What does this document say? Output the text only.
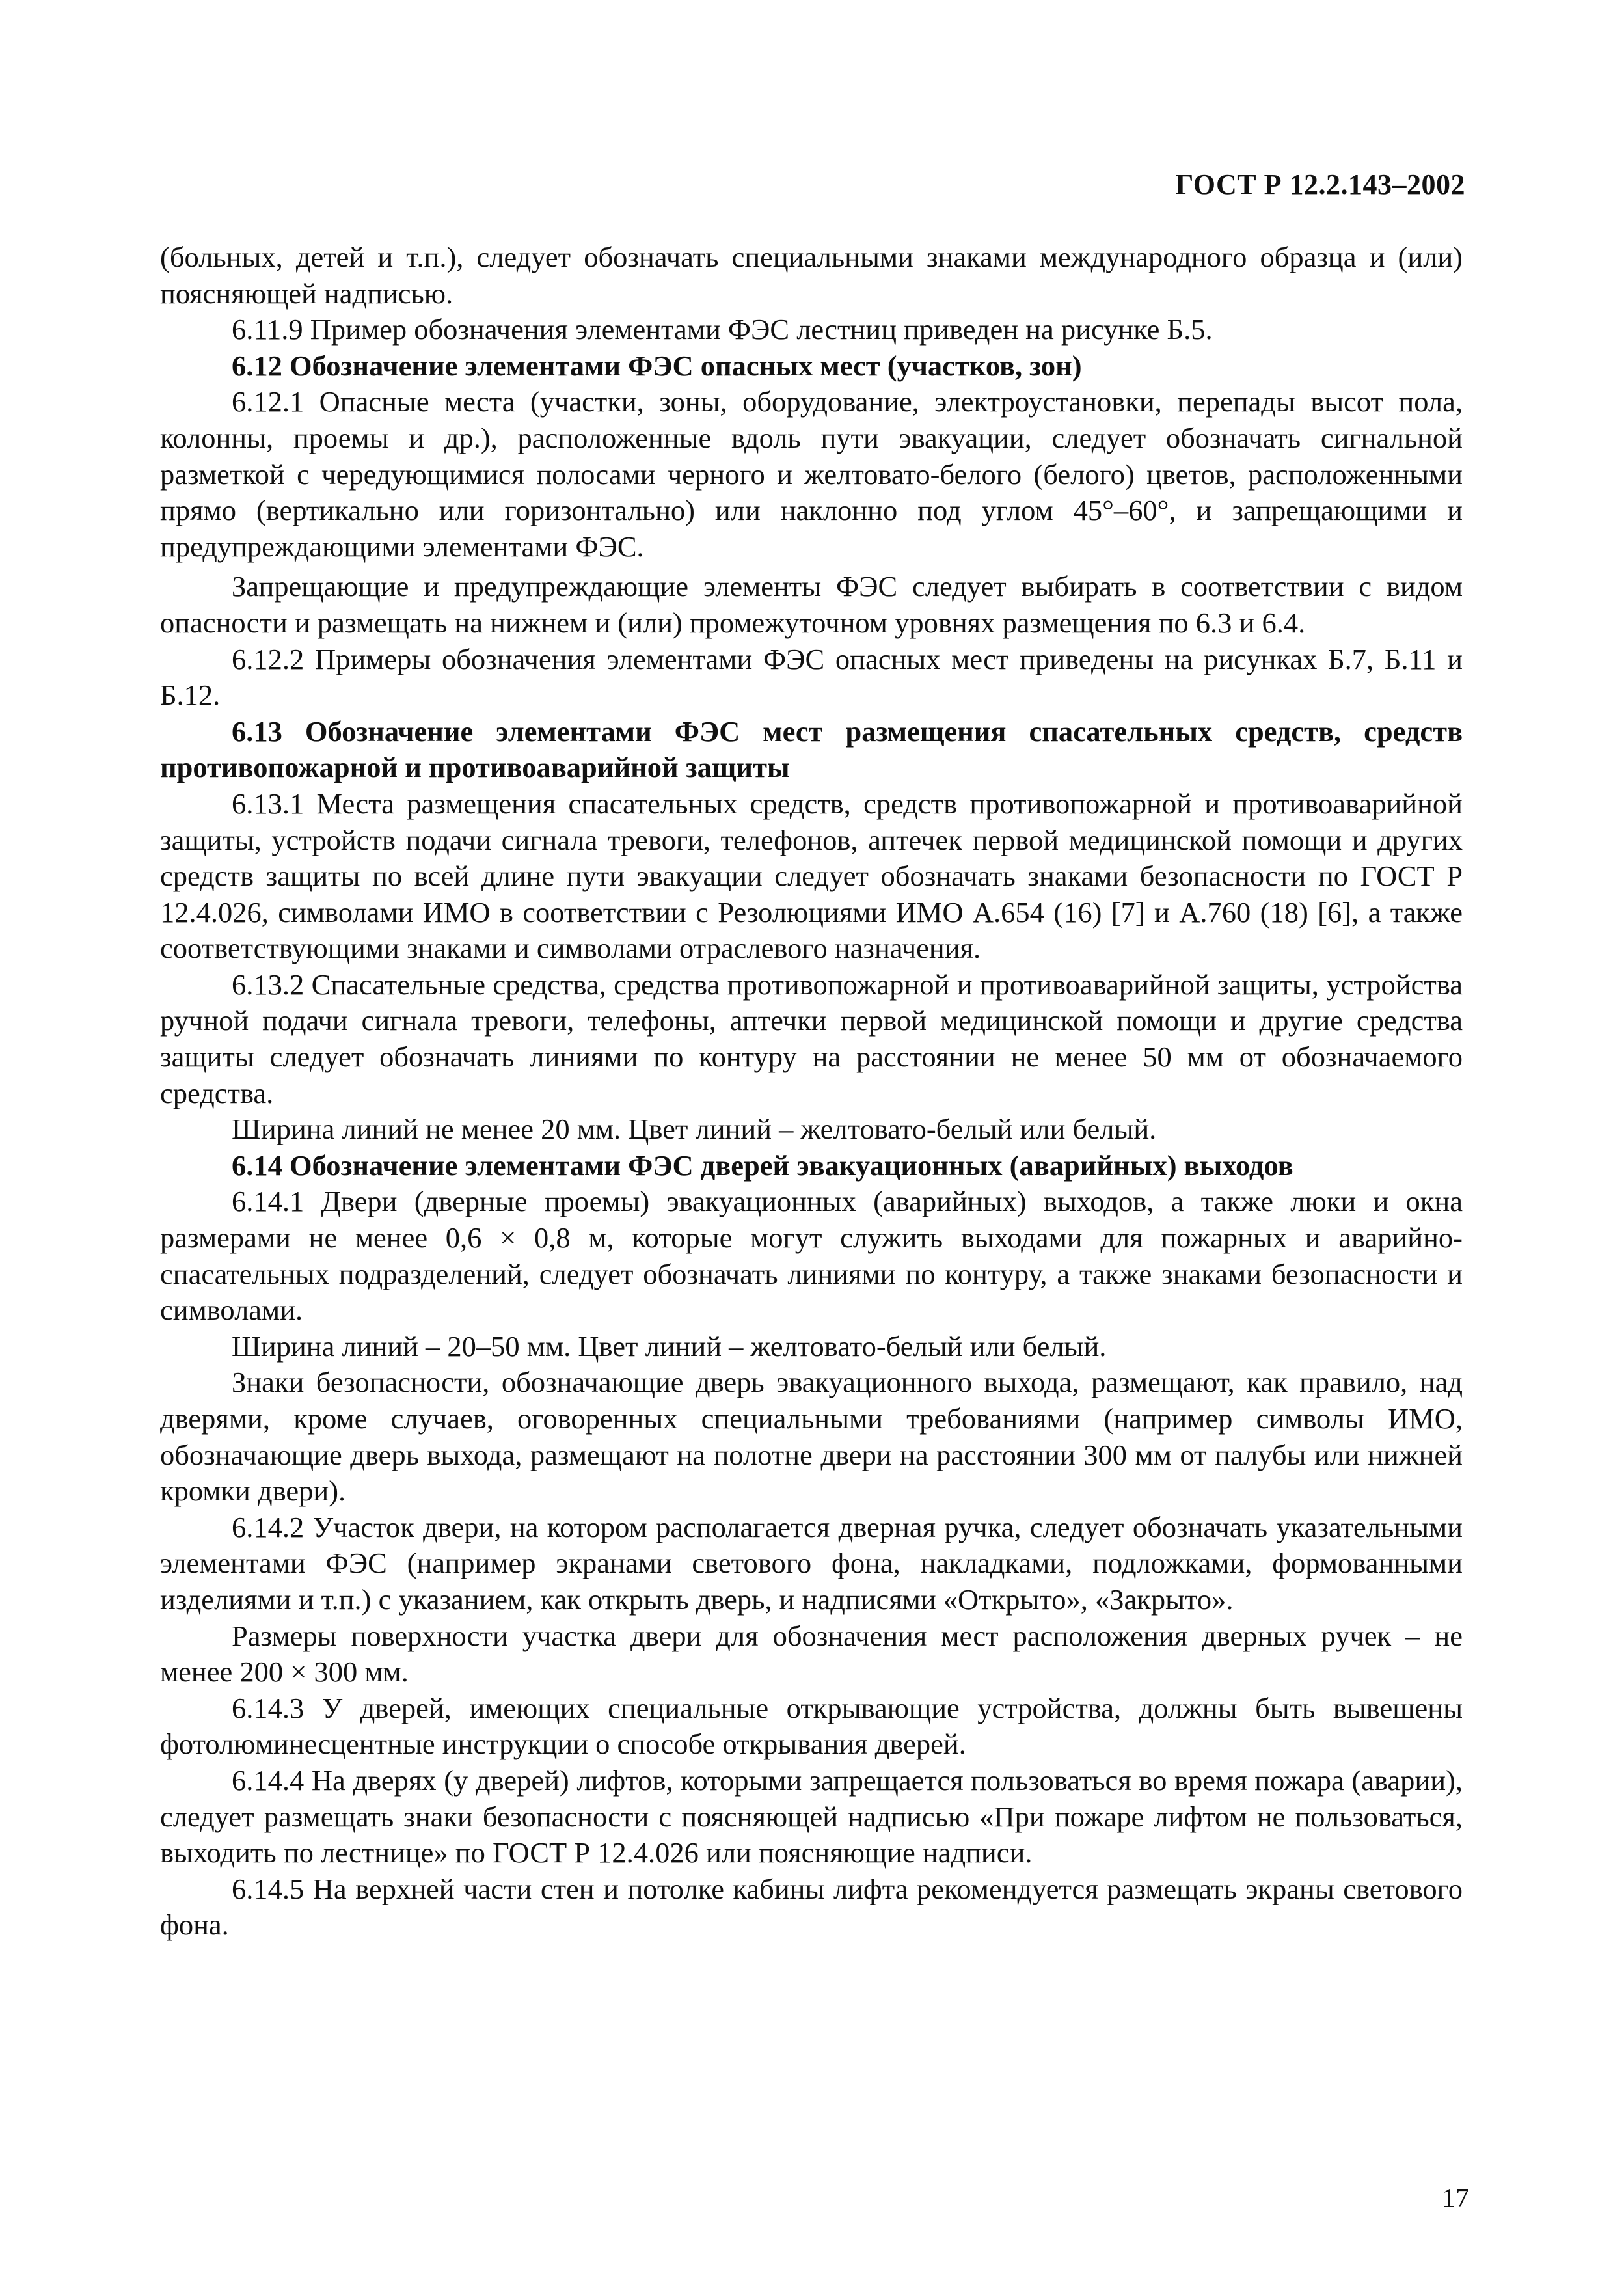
ГОСТ Р 12.2.143–2002

(больных, детей и т.п.), следует обозначать специальными знаками международного образца и (или) поясняющей надписью.

6.11.9 Пример обозначения элементами ФЭС лестниц приведен на рисунке Б.5.

6.12 Обозначение элементами ФЭС опасных мест (участков, зон)

6.12.1 Опасные места (участки, зоны, оборудование, электроустановки, перепады высот пола, колонны, проемы и др.), расположенные вдоль пути эвакуации, следует обозначать сигнальной разметкой с чередующимися полосами черного и желтовато-белого (белого) цветов, расположенными прямо (вертикально или горизонтально) или наклонно под углом 45°–60°, и запрещающими и предупреждающими элементами ФЭС.

Запрещающие и предупреждающие элементы ФЭС следует выбирать в соответствии с видом опасности и размещать на нижнем и (или) промежуточном уровнях размещения по 6.3 и 6.4.

6.12.2 Примеры обозначения элементами ФЭС опасных мест приведены на рисунках Б.7, Б.11 и Б.12.

6.13 Обозначение элементами ФЭС мест размещения спасательных средств, средств противопожарной и противоаварийной защиты

6.13.1 Места размещения спасательных средств, средств противопожарной и противоаварийной защиты, устройств подачи сигнала тревоги, телефонов, аптечек первой медицинской помощи и других средств защиты по всей длине пути эвакуации следует обозначать знаками безопасности по ГОСТ Р 12.4.026, символами ИМО в соответствии с Резолюциями ИМО А.654 (16) [7] и А.760 (18) [6], а также соответствующими знаками и символами отраслевого назначения.

6.13.2 Спасательные средства, средства противопожарной и противоаварийной защиты, устройства ручной подачи сигнала тревоги, телефоны, аптечки первой медицинской помощи и другие средства защиты следует обозначать линиями по контуру на расстоянии не менее 50 мм от обозначаемого средства.

Ширина линий не менее 20 мм. Цвет линий – желтовато-белый или белый.

6.14 Обозначение элементами ФЭС дверей эвакуационных (аварийных) выходов

6.14.1 Двери (дверные проемы) эвакуационных (аварийных) выходов, а также люки и окна размерами не менее 0,6 × 0,8 м, которые могут служить выходами для пожарных и аварийно-спасательных подразделений, следует обозначать линиями по контуру, а также знаками безопасности и символами.

Ширина линий – 20–50 мм. Цвет линий – желтовато-белый или белый.

Знаки безопасности, обозначающие дверь эвакуационного выхода, размещают, как правило, над дверями, кроме случаев, оговоренных специальными требованиями (например символы ИМО, обозначающие дверь выхода, размещают на полотне двери на расстоянии 300 мм от палубы или нижней кромки двери).

6.14.2 Участок двери, на котором располагается дверная ручка, следует обозначать указательными элементами ФЭС (например экранами светового фона, накладками, подложками, формованными изделиями и т.п.) с указанием, как открыть дверь, и надписями «Открыто», «Закрыто».

Размеры поверхности участка двери для обозначения мест расположения дверных ручек – не менее 200 × 300 мм.

6.14.3 У дверей, имеющих специальные открывающие устройства, должны быть вывешены фотолюминесцентные инструкции о способе открывания дверей.

6.14.4 На дверях (у дверей) лифтов, которыми запрещается пользоваться во время пожара (аварии), следует размещать знаки безопасности с поясняющей надписью «При пожаре лифтом не пользоваться, выходить по лестнице» по ГОСТ Р 12.4.026 или поясняющие надписи.

6.14.5 На верхней части стен и потолке кабины лифта рекомендуется размещать экраны светового фона.

17
